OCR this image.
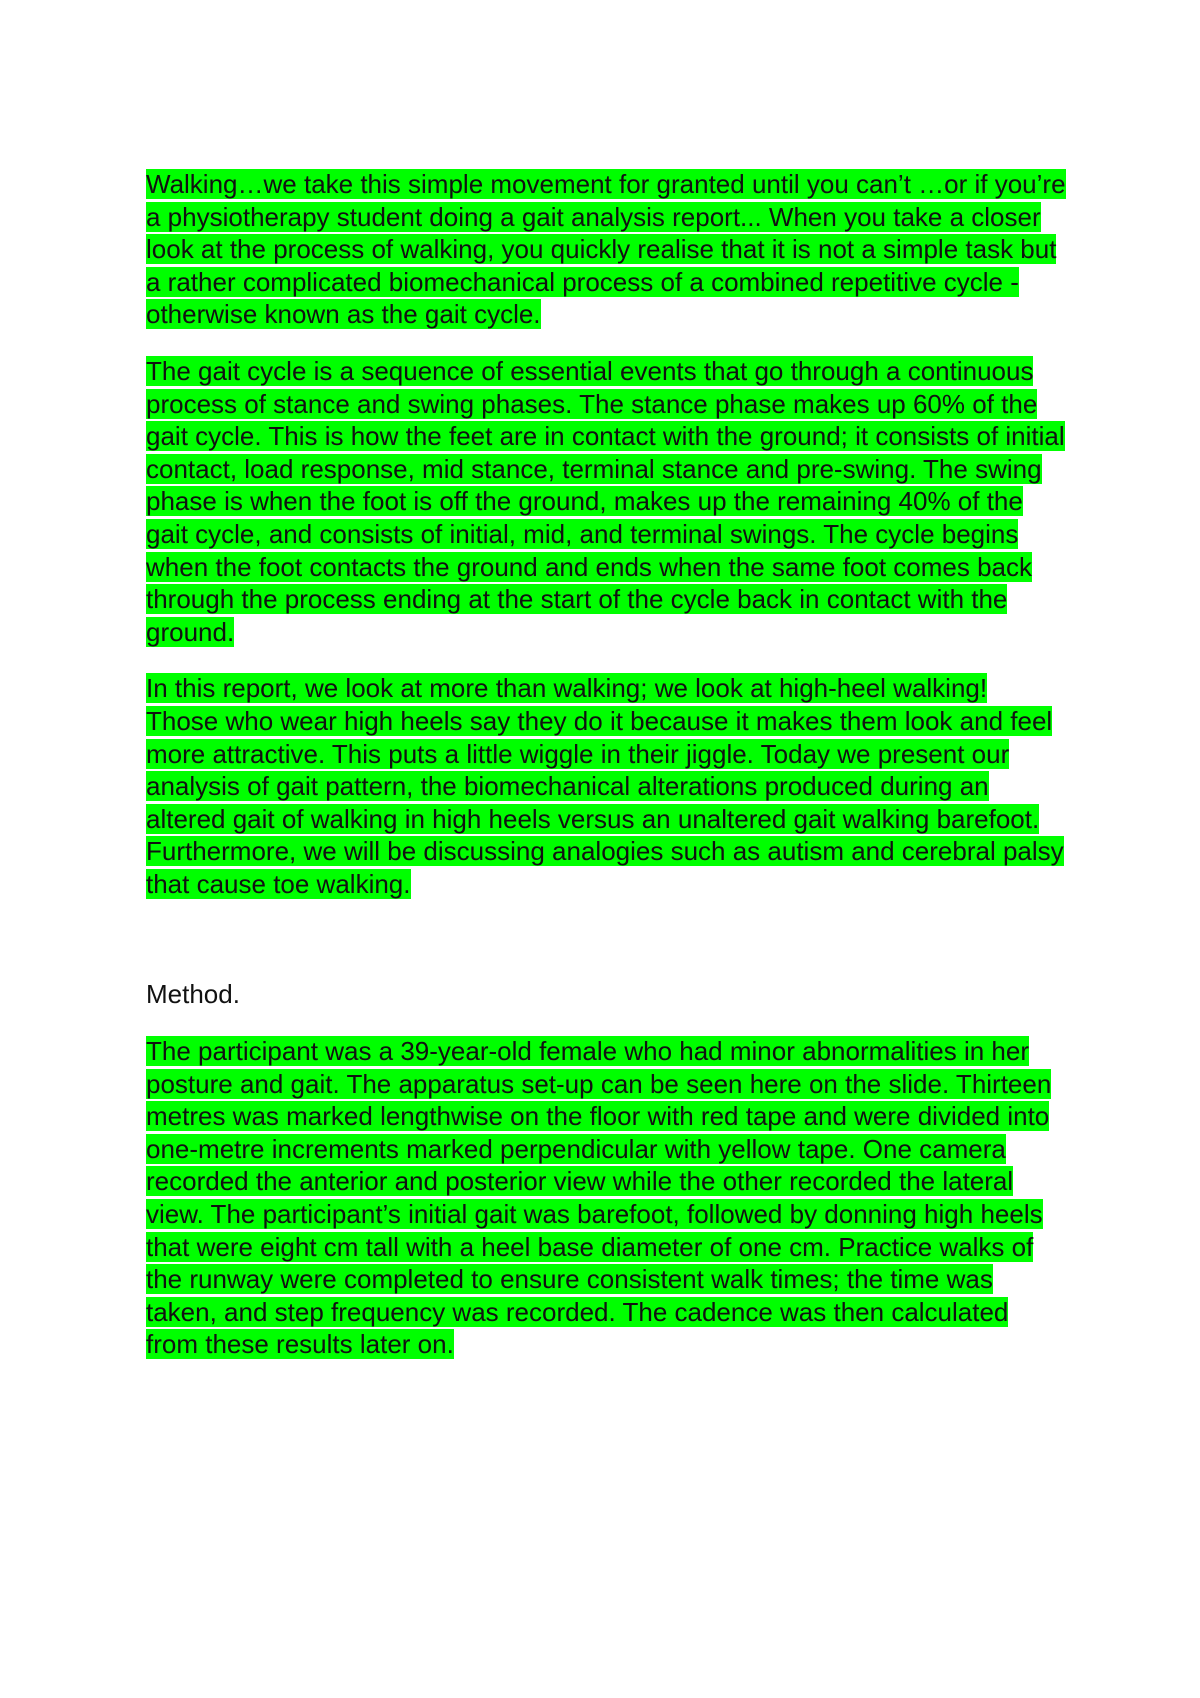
Walking…we take this simple movement for granted until you can’t …or if you’re a physiotherapy student doing a gait analysis report... When you take a closer look at the process of walking, you quickly realise that it is not a simple task but a rather complicated biomechanical process of a combined repetitive cycle - otherwise known as the gait cycle.

The gait cycle is a sequence of essential events that go through a continuous process of stance and swing phases. The stance phase makes up 60% of the gait cycle. This is how the feet are in contact with the ground; it consists of initial contact, load response, mid stance, terminal stance and pre-swing. The swing phase is when the foot is off the ground, makes up the remaining 40% of the gait cycle, and consists of initial, mid, and terminal swings. The cycle begins when the foot contacts the ground and ends when the same foot comes back through the process ending at the start of the cycle back in contact with the ground.

In this report, we look at more than walking; we look at high-heel walking! Those who wear high heels say they do it because it makes them look and feel more attractive. This puts a little wiggle in their jiggle. Today we present our analysis of gait pattern, the biomechanical alterations produced during an altered gait of walking in high heels versus an unaltered gait walking barefoot. Furthermore, we will be discussing analogies such as autism and cerebral palsy that cause toe walking.

Method.

The participant was a 39-year-old female who had minor abnormalities in her posture and gait. The apparatus set-up can be seen here on the slide. Thirteen metres was marked lengthwise on the floor with red tape and were divided into one-metre increments marked perpendicular with yellow tape. One camera recorded the anterior and posterior view while the other recorded the lateral view. The participant’s initial gait was barefoot, followed by donning high heels that were eight cm tall with a heel base diameter of one cm. Practice walks of the runway were completed to ensure consistent walk times; the time was taken, and step frequency was recorded. The cadence was then calculated from these results later on.
